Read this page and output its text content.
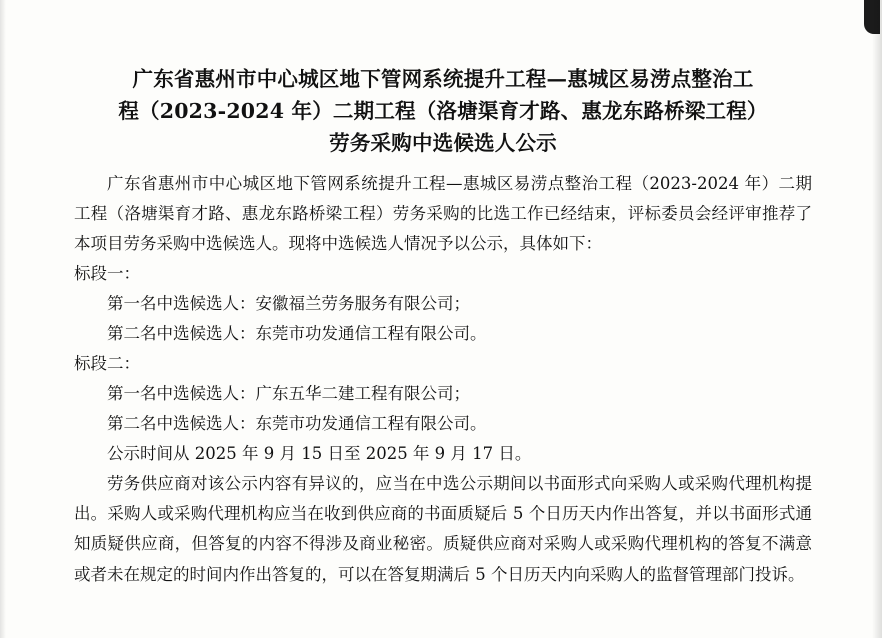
广东省惠州市中心城区地下管网系统提升工程—惠城区易涝点整治工
程（2023-2024 年）二期工程（洛塘渠育才路、惠龙东路桥梁工程）
劳务采购中选候选人公示

广东省惠州市中心城区地下管网系统提升工程—惠城区易涝点整治工程（2023-2024 年）二期工程（洛塘渠育才路、惠龙东路桥梁工程）劳务采购的比选工作已经结束，评标委员会经评审推荐了本项目劳务采购中选候选人。现将中选候选人情况予以公示，具体如下：

标段一：

第一名中选候选人：安徽福兰劳务服务有限公司；

第二名中选候选人：东莞市功发通信工程有限公司。

标段二：

第一名中选候选人：广东五华二建工程有限公司；

第二名中选候选人：东莞市功发通信工程有限公司。

公示时间从 2025 年 9 月 15 日至 2025 年 9 月 17 日。

劳务供应商对该公示内容有异议的，应当在中选公示期间以书面形式向采购人或采购代理机构提出。采购人或采购代理机构应当在收到供应商的书面质疑后 5 个日历天内作出答复，并以书面形式通知质疑供应商，但答复的内容不得涉及商业秘密。质疑供应商对采购人或采购代理机构的答复不满意或者未在规定的时间内作出答复的，可以在答复期满后 5 个日历天内向采购人的监督管理部门投诉。
